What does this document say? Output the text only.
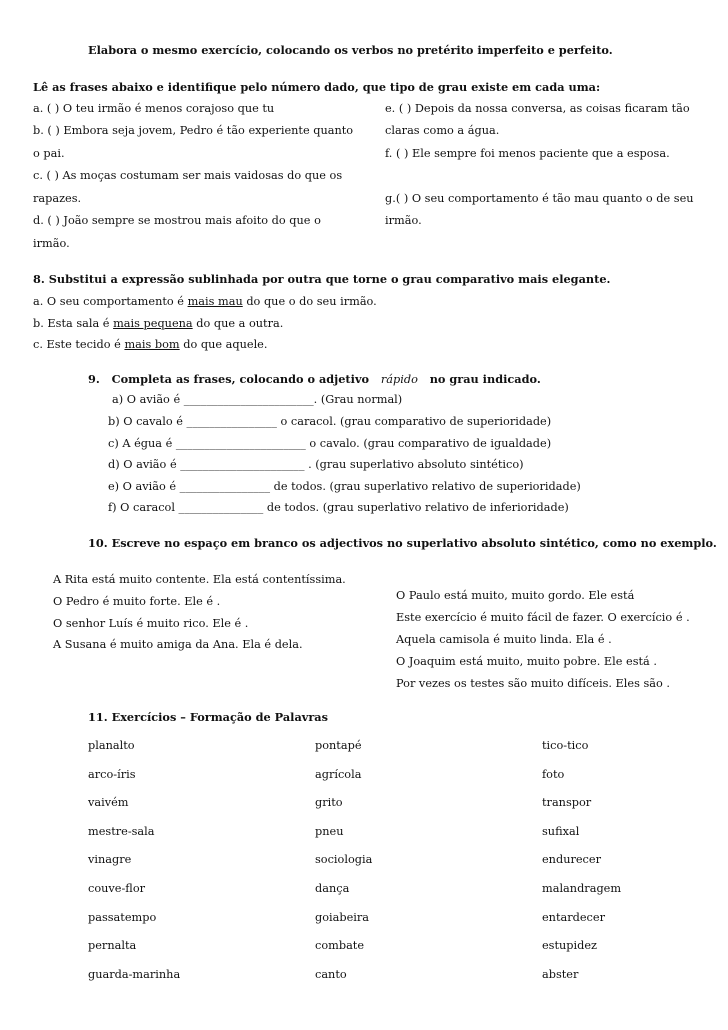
Elabora o mesmo exercício, colocando os verbos no pretérito imperfeito e perfeito.
Lê as frases abaixo e identifique pelo número dado, que tipo de grau existe em cada uma:
a. ( ) O teu irmão é menos corajoso que tu
b. ( ) Embora seja jovem, Pedro é tão experiente quanto
o pai.
c. ( ) As moças costumam ser mais vaidosas do que os
rapazes.
d. ( ) João sempre se mostrou mais afoito do que o
irmão.
e. ( ) Depois da nossa conversa, as coisas ficaram tão
claras como a água.
f. ( ) Ele sempre foi menos paciente que a esposa.
g.( ) O seu comportamento é tão mau quanto o de seu
irmão.
8. Substitui a expressão sublinhada por outra que torne o grau comparativo mais elegante.
a. O seu comportamento é mais mau do que o do seu irmão.
b. Esta sala é mais pequena do que a outra.
c. Este tecido é mais bom do que aquele.
9. Completa as frases, colocando o adjetivo rápido no grau indicado.
a) O avião é _______________________. (Grau normal)
b) O cavalo é ________________ o caracol. (grau comparativo de superioridade)
c) A égua é _______________________ o cavalo. (grau comparativo de igualdade)
d) O avião é ______________________ . (grau superlativo absoluto sintético)
e) O avião é ________________ de todos. (grau superlativo relativo de superioridade)
f) O caracol _______________ de todos. (grau superlativo relativo de inferioridade)
10. Escreve no espaço em branco os adjectivos no superlativo absoluto sintético, como no exemplo.
A Rita está muito contente. Ela está contentíssima.
O Pedro é muito forte. Ele é .
O senhor Luís é muito rico. Ele é .
A Susana é muito amiga da Ana. Ela é dela.
O Paulo está muito, muito gordo. Ele está
Este exercício é muito fácil de fazer. O exercício é .
Aquela camisola é muito linda. Ela é .
O Joaquim está muito, muito pobre. Ele está .
Por vezes os testes são muito difíceis. Eles são .
11. Exercícios – Formação de Palavras
planalto
arco-íris
vaivém
mestre-sala
vinagre
couve-flor
passatempo
pernalta
guarda-marinha
pontapé
agrícola
grito
pneu
sociologia
dança
goiabeira
combate
canto
tico-tico
foto
transpor
sufixal
endurecer
malandragem
entardecer
estupidez
abster
